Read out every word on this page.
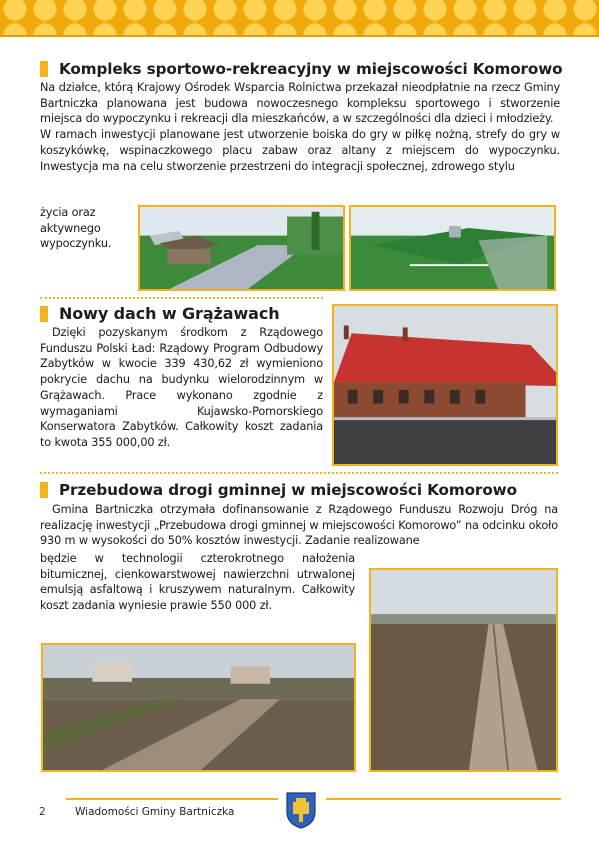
Kompleks sportowo-rekreacyjny w miejscowości Komorowo

Na działce, którą Krajowy Ośrodek Wsparcia Rolnictwa przekazał nieodpłatnie na rzecz Gminy Bartniczka planowana jest budowa nowoczesnego kompleksu sportowego i stworzenie miejsca do wypoczynku i rekreacji dla mieszkańców, a w szczególności dla dzieci i młodzieży.

W ramach inwestycji planowane jest utworzenie boiska do gry w piłkę nożną, strefy do gry w koszykówkę, wspinaczkowego placu zabaw oraz altany z miejscem do wypoczynku. Inwestycja ma na celu stworzenie przestrzeni do integracji społecznej, zdrowego stylu

życia oraz aktywnego wypoczynku.

Nowy dach w Grążawach

Dzięki pozyskanym środkom z Rządowego Funduszu Polski Ład: Rządowy Program Odbudowy Zabytków w kwocie 339 430,62 zł wymieniono pokrycie dachu na budynku wielorodzinnym w Grążawach. Prace wykonano zgodnie z wymaganiami Kujawsko-Pomorskiego Konserwatora Zabytków. Całkowity koszt zadania to kwota 355 000,00 zł.

Przebudowa drogi gminnej w miejscowości Komorowo

Gmina Bartniczka otrzymała dofinansowanie z Rządowego Funduszu Rozwoju Dróg na realizację inwestycji „Przebudowa drogi gminnej w miejscowości Komorowo” na odcinku około 930 m w wysokości do 50% kosztów inwestycji. Zadanie realizowane

będzie w technologii czterokrotnego nałożenia bitumicznej, cienkowarstwowej nawierzchni utrwalonej emulsją asfaltową i kruszywem naturalnym. Całkowity koszt zadania wyniesie prawie 550 000 zł.

2	Wiadomości Gminy Bartniczka
